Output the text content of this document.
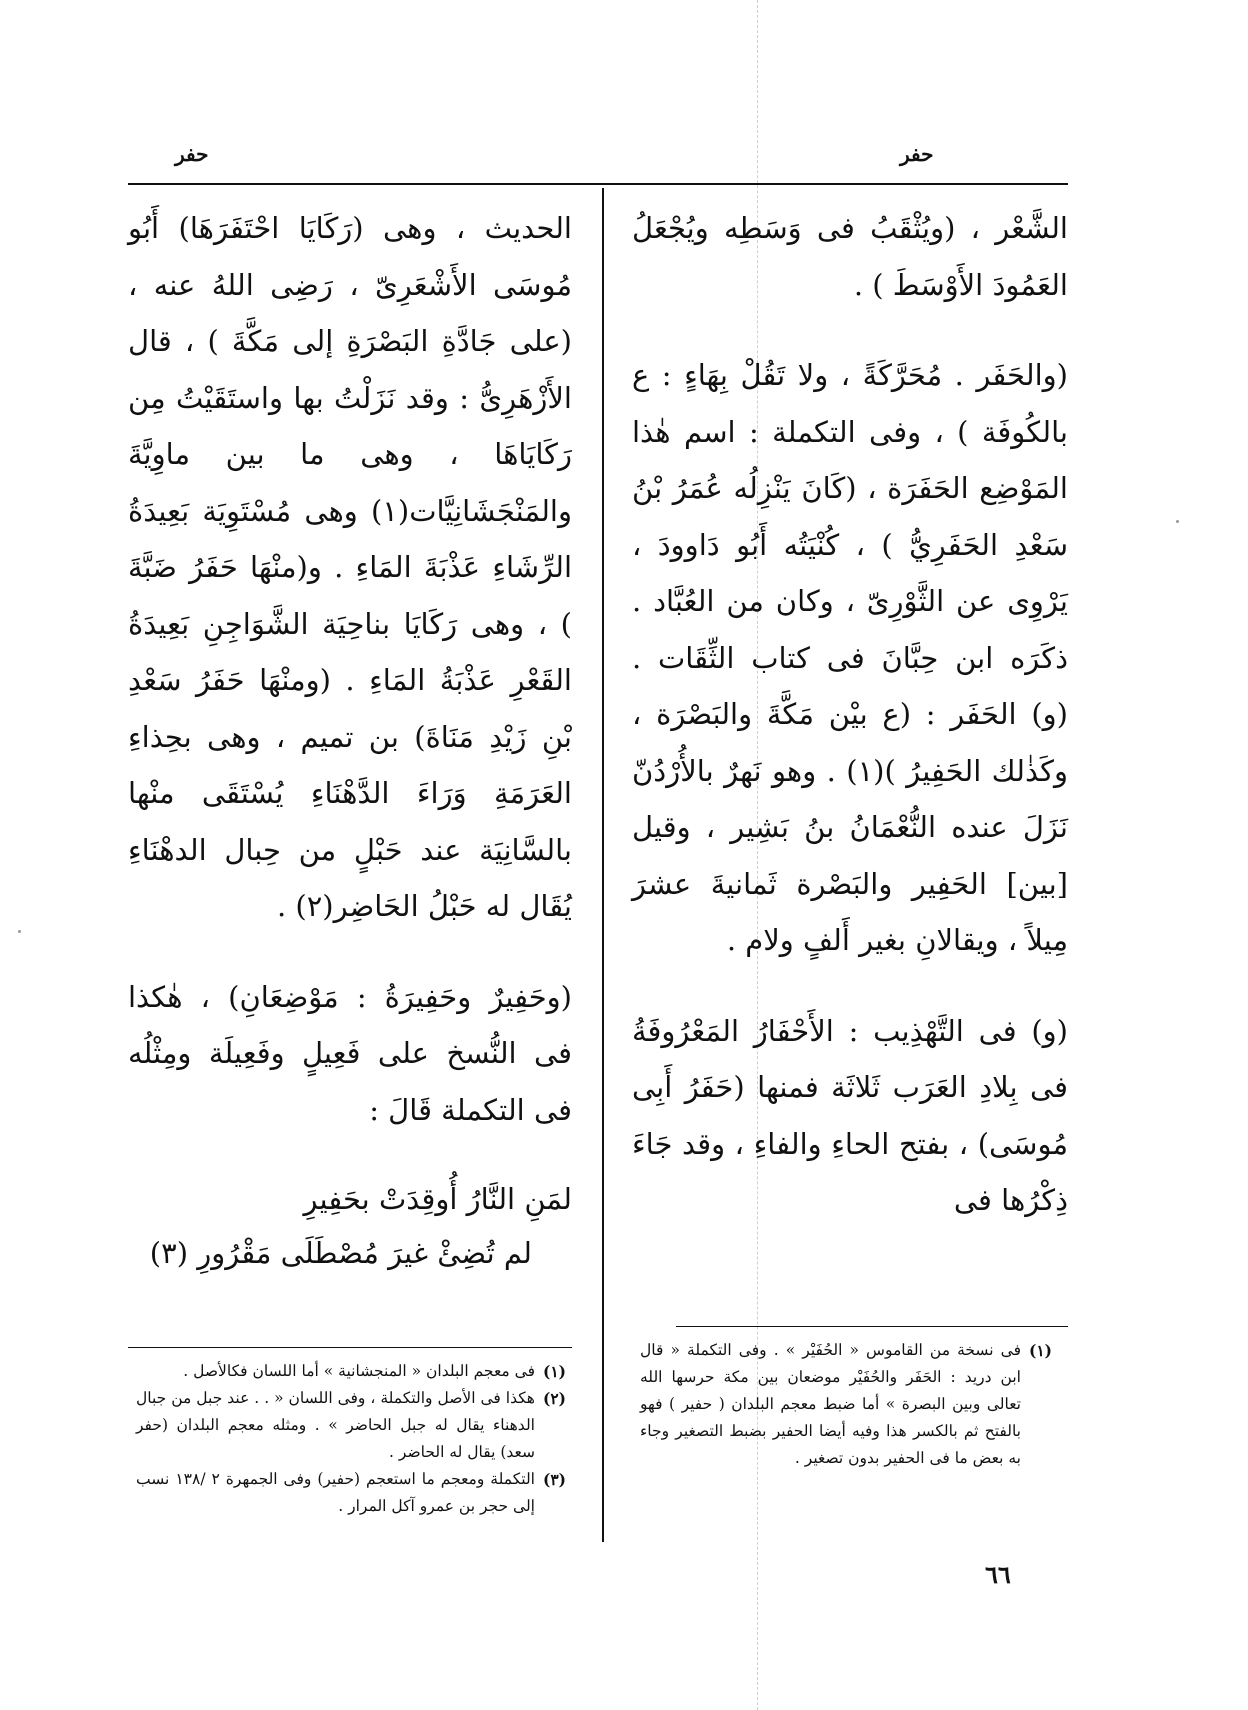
حفر
حفر

الشَّعْر ، (ويُثْقَبُ فى وَسَطِه ويُجْعَلُ العَمُودَ الأَوْسَطَ ) .

(والحَفَر . مُحَرَّكَةً ، ولا تَقُلْ بِهَاءٍ : ع بالكُوفَة ) ، وفى التكملة : اسم هٰذا المَوْضِع الحَفَرَة ، (كَانَ يَنْزِلُه عُمَرُ بْنُ سَعْدِ الحَفَرِيُّ ) ، كُنْيَتُه أَبُو دَاوودَ ، يَرْوِى عن الثَّوْرِىّ ، وكان من العُبَّاد . ذكَرَه ابن حِبَّانَ فى كتاب الثِّقَات . (و) الحَفَر : (ع بيْن مَكَّةَ والبَصْرَة ، وكَذٰلك الحَفِيرُ )(١) . وهو نَهرٌ بالأُرْدُنّ نَزَلَ عنده النُّعْمَانُ بنُ بَشِير ، وقيل [بين] الحَفِير والبَصْرة ثَمانيةَ عشرَ مِيلاً ، ويقالانِ بغير أَلفٍ ولام .

(و) فى التَّهْذِيب : الأَحْفَارُ المَعْرُوفَةُ فى بِلادِ العَرَب ثَلاثَة فمنها (حَفَرُ أَبِى مُوسَى) ، بفتح الحاءِ والفاءِ ، وقد جَاءَ ذِكْرُها فى

الحديث ، وهى (رَكَايَا احْتَفَرَهَا) أَبُو مُوسَى الأَشْعَرِىّ ، رَضِى اللهُ عنه ، (على جَادَّةِ البَصْرَةِ إلى مَكَّةَ ) ، قال الأَزْهَرِىُّ : وقد نَزَلْتُ بها واستَقَيْتُ مِن رَكَايَاهَا ، وهى ما بين ماوِيَّةَ والمَنْجَشَانِيَّات(١) وهى مُسْتَوِيَة بَعِيدَةُ الرِّشَاءِ عَذْبَةَ المَاءِ . و(منْهَا حَفَرُ ضَبَّةَ ) ، وهى رَكَايَا بناحِيَة الشَّوَاجِنِ بَعِيدَةُ القَعْرِ عَذْبَةُ المَاءِ . (ومنْهَا حَفَرُ سَعْدِ بْنِ زَيْدِ مَنَاةَ) بن تميم ، وهى بحِذاءِ العَرَمَةِ وَرَاءَ الدَّهْنَاءِ يُسْتَقَى منْها بالسَّانِيَة عند حَبْلٍ من حِبال الدهْنَاءِ يُقَال له حَبْلُ الحَاضِر(٢) .

(وحَفِيرٌ وحَفِيرَةُ : مَوْضِعَانِ) ، هٰكذا فى النُّسخ على فَعِيلٍ وفَعِيلَة ومِثْلُه فى التكملة قَالَ :

لمَنِ النَّارُ أُوقِدَتْ بحَفِيرِ
لم تُضِئْ غيرَ مُصْطَلَى مَقْرُورِ (٣)

(١)
فى نسخة من القاموس « الحُفَيْر » . وفى التكملة « قال ابن دريد : الحَفَر والحُفَيْر موضعان بين مكة حرسها الله تعالى وبين البصرة » أما ضبط معجم البلدان ( حفير ) فهو بالفتح ثم بالكسر هذا وفيه أيضا الحفير بضبط التصغير وجاء به بعض ما فى الحفير بدون تصغير .

(١)
فى معجم البلدان « المنجشانية » أما اللسان فكالأصل .

(٢)
هكذا فى الأصل والتكملة ، وفى اللسان « . . عند جبل من جبال الدهناء يقال له جبل الحاضر » . ومثله معجم البلدان (حفر سعد) يقال له الحاضر .

(٣)
التكملة ومعجم ما استعجم (حفير) وفى الجمهرة ٢ /١٣٨ نسب إلى حجر بن عمرو آكل المرار .

٦٦
